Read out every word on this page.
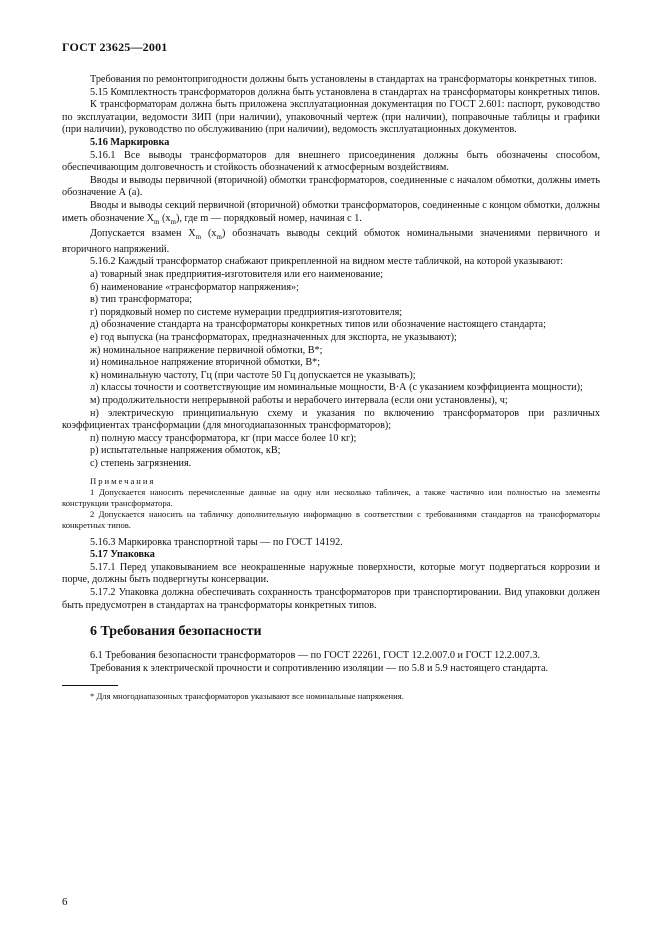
ГОСТ 23625—2001

Требования по ремонтопригодности должны быть установлены в стандартах на трансформаторы конкретных типов.

5.15 Комплектность трансформаторов должна быть установлена в стандартах на трансформаторы конкретных типов.

К трансформаторам должна быть приложена эксплуатационная документация по ГОСТ 2.601: паспорт, руководство по эксплуатации, ведомости ЗИП (при наличии), упаковочный чертеж (при наличии), поправочные таблицы и графики (при наличии), руководство по обслуживанию (при наличии), ведомость эксплуатационных документов.

5.16 Маркировка

5.16.1 Все выводы трансформаторов для внешнего присоединения должны быть обозначены способом, обеспечивающим долговечность и стойкость обозначений к атмосферным воздействиям.

Вводы и выводы первичной (вторичной) обмотки трансформаторов, соединенные с началом обмотки, должны иметь обозначение А (а).

Вводы и выводы секций первичной (вторичной) обмотки трансформаторов, соединенные с концом обмотки, должны иметь обозначение $X_m$ $(x_m)$, где m — порядковый номер, начиная с 1.

Допускается взамен $X_m$ $(x_m)$ обозначать выводы секций обмоток номинальными значениями первичного и вторичного напряжений.

5.16.2 Каждый трансформатор снабжают прикрепленной на видном месте табличкой, на которой указывают:

а) товарный знак предприятия-изготовителя или его наименование;

б) наименование «трансформатор напряжения»;

в) тип трансформатора;

г) порядковый номер по системе нумерации предприятия-изготовителя;

д) обозначение стандарта на трансформаторы конкретных типов или обозначение настоящего стандарта;

е) год выпуска (на трансформаторах, предназначенных для экспорта, не указывают);

ж) номинальное напряжение первичной обмотки, В*;

и) номинальное напряжение вторичной обмотки, В*;

к) номинальную частоту, Гц (при частоте 50 Гц допускается не указывать);

л) классы точности и соответствующие им номинальные мощности, В·А (с указанием коэффициента мощности);

м) продолжительности непрерывной работы и нерабочего интервала (если они установлены), ч;

н) электрическую принципиальную схему и указания по включению трансформаторов при различных коэффициентах трансформации (для многодиапазонных трансформаторов);

п) полную массу трансформатора, кг (при массе более 10 кг);

р) испытательные напряжения обмоток, кВ;

с) степень загрязнения.

Примечания

1 Допускается наносить перечисленные данные на одну или несколько табличек, а также частично или полностью на элементы конструкции трансформатора.

2 Допускается наносить на табличку дополнительную информацию в соответствии с требованиями стандартов на трансформаторы конкретных типов.

5.16.3 Маркировка транспортной тары — по ГОСТ 14192.

5.17 Упаковка

5.17.1 Перед упаковыванием все неокрашенные наружные поверхности, которые могут подвергаться коррозии и порче, должны быть подвергнуты консервации.

5.17.2 Упаковка должна обеспечивать сохранность трансформаторов при транспортировании. Вид упаковки должен быть предусмотрен в стандартах на трансформаторы конкретных типов.

6 Требования безопасности

6.1 Требования безопасности трансформаторов — по ГОСТ 22261, ГОСТ 12.2.007.0 и ГОСТ 12.2.007.3.

Требования к электрической прочности и сопротивлению изоляции — по 5.8 и 5.9 настоящего стандарта.

* Для многодиапазонных трансформаторов указывают все номинальные напряжения.

6
